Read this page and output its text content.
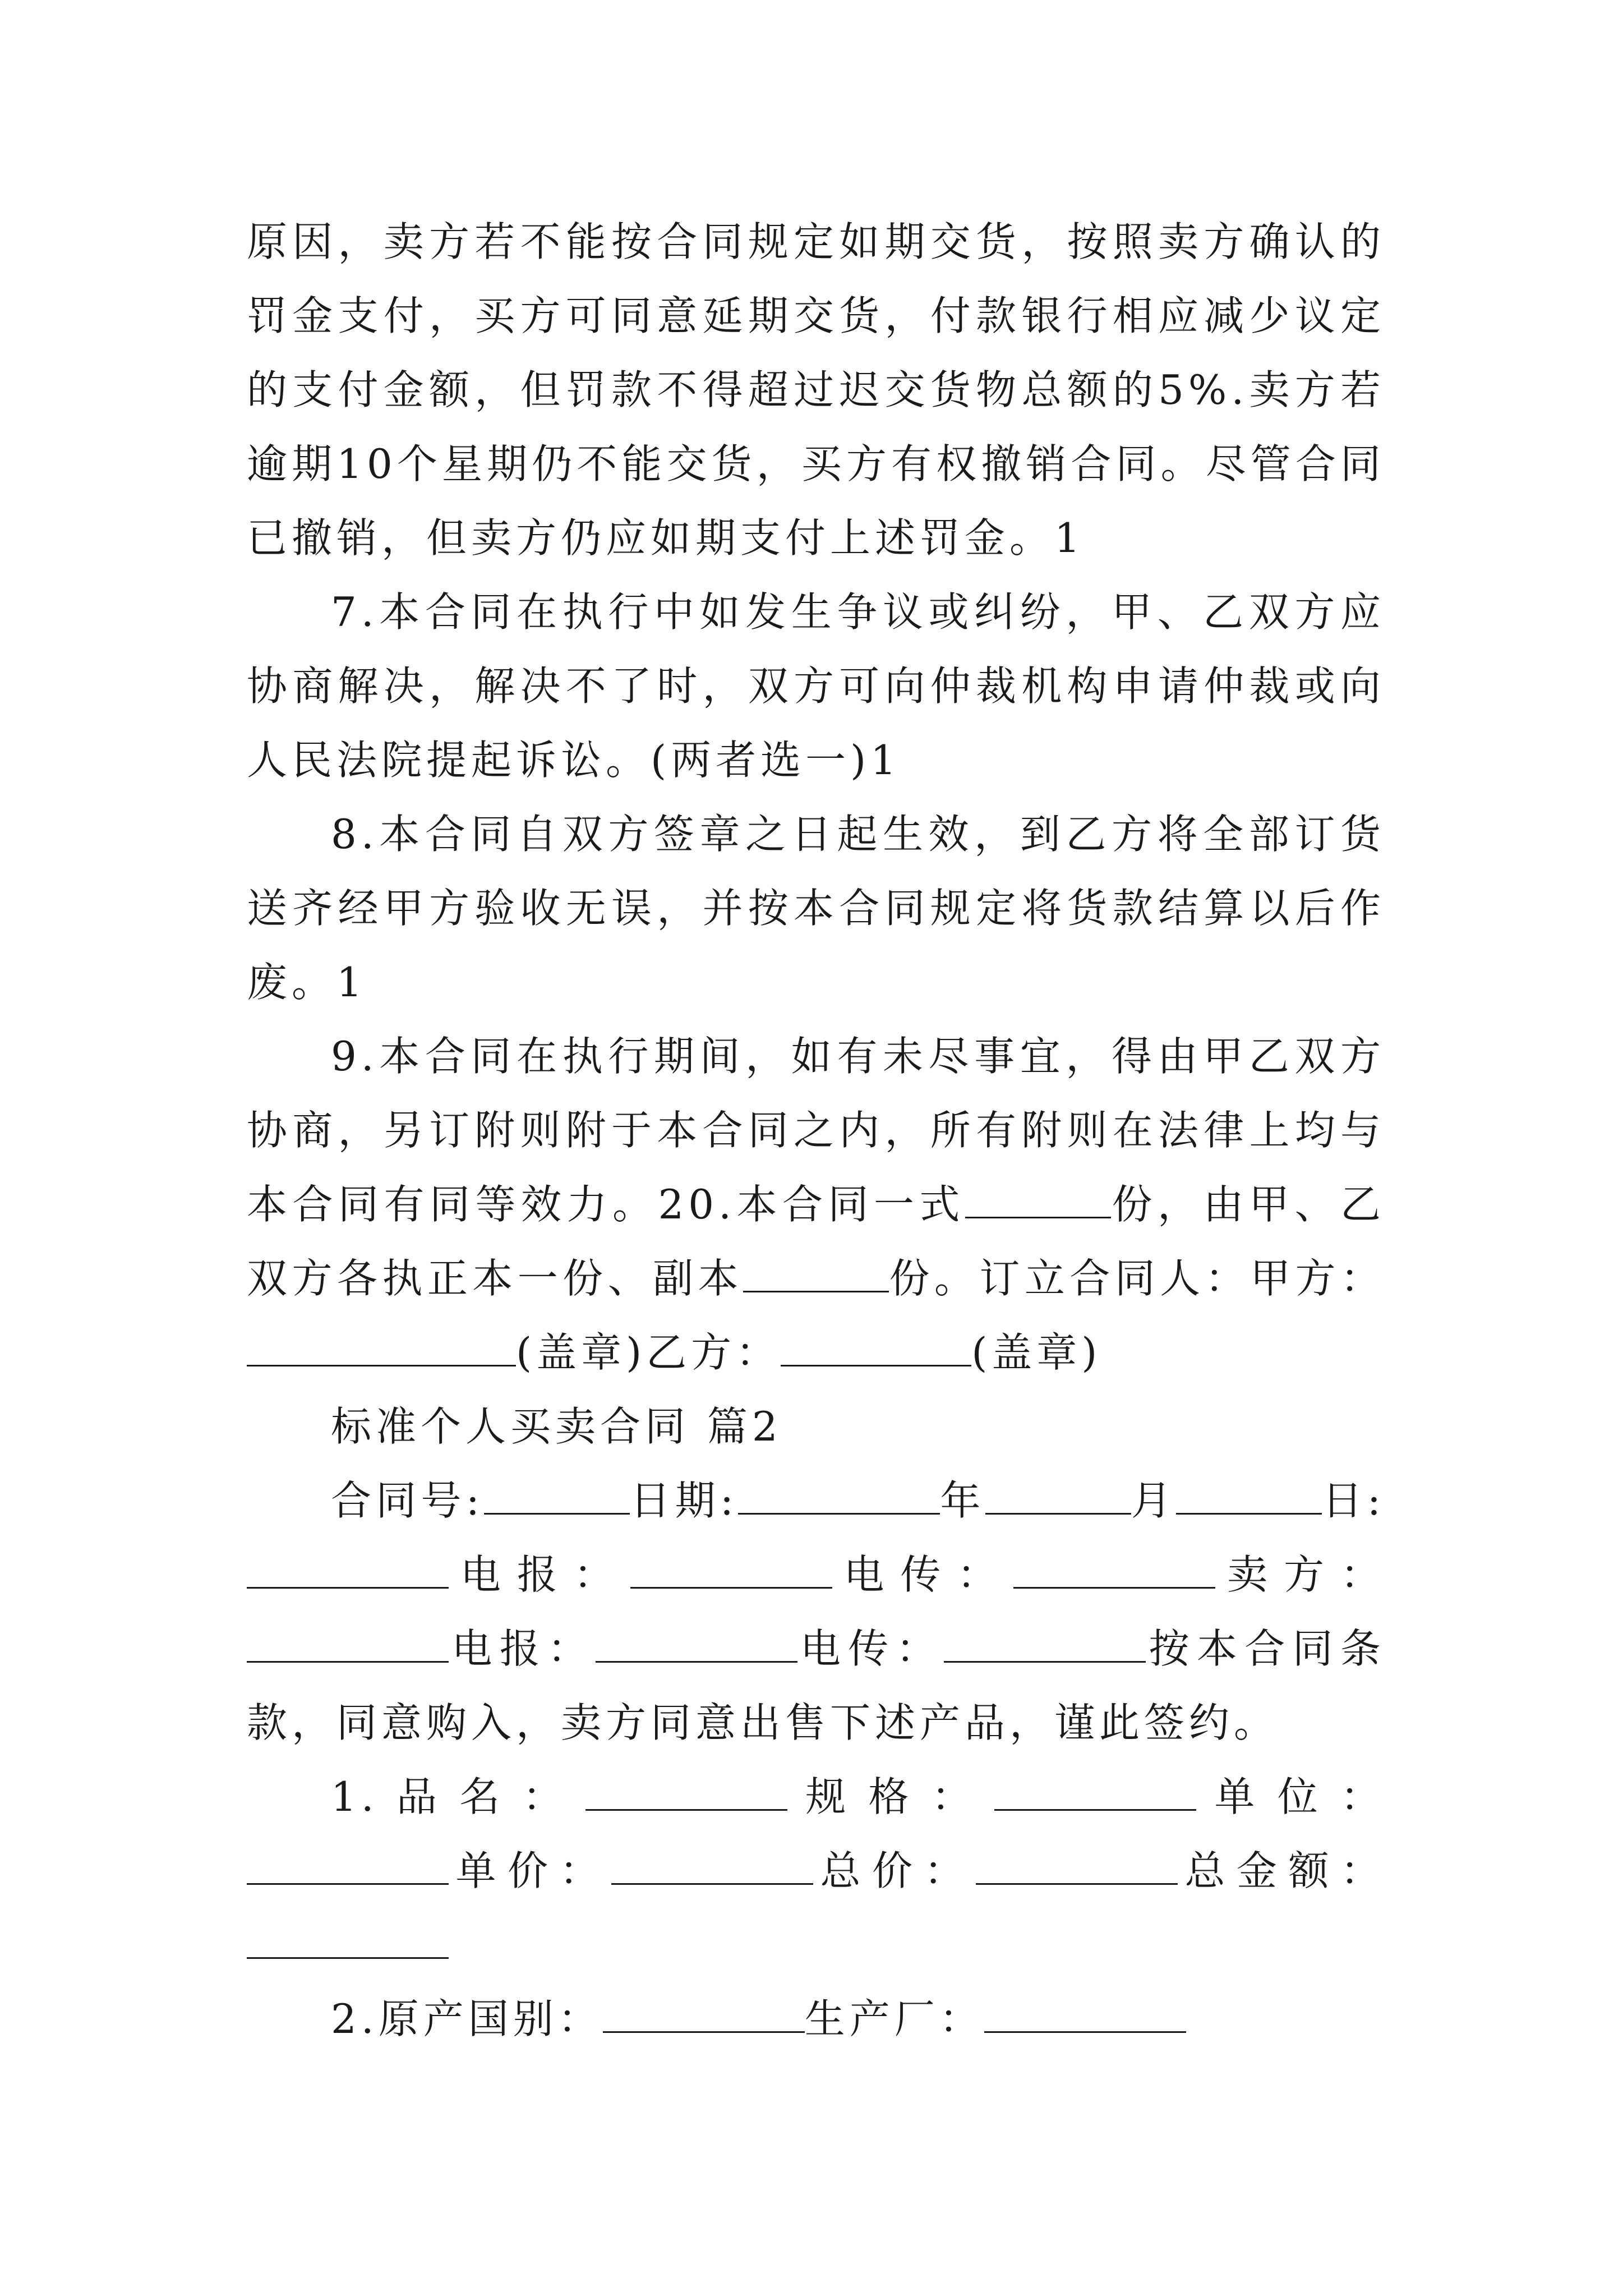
原因，卖方若不能按合同规定如期交货，按照卖方确认的罚金支付，买方可同意延期交货，付款银行相应减少议定的支付金额，但罚款不得超过迟交货物总额的5%.卖方若逾期10个星期仍不能交货，买方有权撤销合同。尽管合同已撤销，但卖方仍应如期支付上述罚金。1

7.本合同在执行中如发生争议或纠纷，甲、乙双方应协商解决，解决不了时，双方可向仲裁机构申请仲裁或向人民法院提起诉讼。(两者选一)1

8.本合同自双方签章之日起生效，到乙方将全部订货送齐经甲方验收无误，并按本合同规定将货款结算以后作废。1

9.本合同在执行期间，如有未尽事宜，得由甲乙双方协商，另订附则附于本合同之内，所有附则在法律上均与本合同有同等效力。20.本合同一式	份，由甲、乙双方各执正本一份、副本	份。订立合同人：甲方：(盖章)乙方：	(盖章)

标准个人买卖合同 篇2

合同号:	日期:	年	月	日:电报：	电传：	卖方：电报：	电传：	按本合同条款，同意购入，卖方同意出售下述产品，谨此签约。

1.品名：	规格：	单位：单价：	总价：	总金额：

2.原产国别：	生产厂：
